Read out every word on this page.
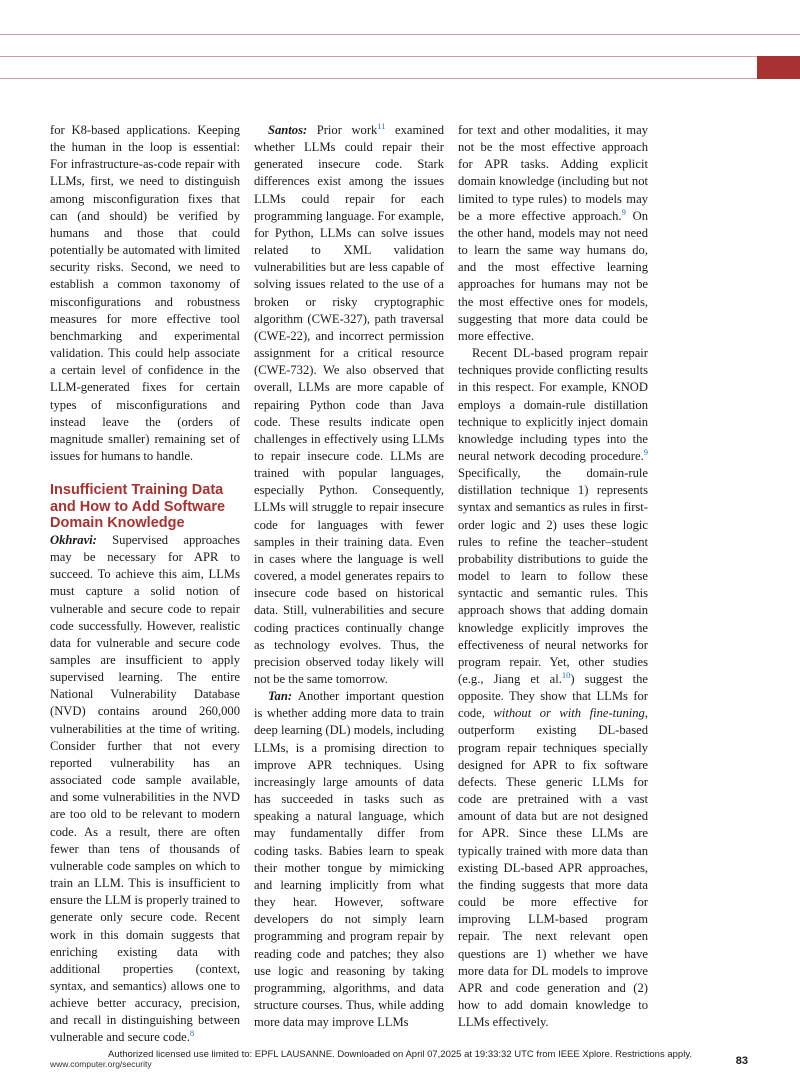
for K8-based applications. Keeping the human in the loop is essential: For infrastructure-as-code repair with LLMs, first, we need to distinguish among misconfiguration fixes that can (and should) be verified by humans and those that could potentially be automated with limited security risks. Second, we need to establish a common taxonomy of misconfigurations and robustness measures for more effective tool benchmarking and experimental validation. This could help associate a certain level of confidence in the LLM-generated fixes for certain types of misconfigurations and instead leave the (orders of magnitude smaller) remaining set of issues for humans to handle.

Insufficient Training Data and How to Add Software Domain Knowledge

Okhravi: Supervised approaches may be necessary for APR to succeed. To achieve this aim, LLMs must capture a solid notion of vulnerable and secure code to repair code successfully. However, realistic data for vulnerable and secure code samples are insufficient to apply supervised learning. The entire National Vulnerability Database (NVD) contains around 260,000 vulnerabilities at the time of writing. Consider further that not every reported vulnerability has an associated code sample available, and some vulnerabilities in the NVD are too old to be relevant to modern code. As a result, there are often fewer than tens of thousands of vulnerable code samples on which to train an LLM. This is insufficient to ensure the LLM is properly trained to generate only secure code. Recent work in this domain suggests that enriching existing data with additional properties (context, syntax, and semantics) allows one to achieve better accuracy, precision, and recall in distinguishing between vulnerable and secure code.$^8$

Santos: Prior work$^{11}$ examined whether LLMs could repair their generated insecure code. Stark differences exist among the issues LLMs could repair for each programming language. For example, for Python, LLMs can solve issues related to XML validation vulnerabilities but are less capable of solving issues related to the use of a broken or risky cryptographic algorithm (CWE-327), path traversal (CWE-22), and incorrect permission assignment for a critical resource (CWE-732). We also observed that overall, LLMs are more capable of repairing Python code than Java code. These results indicate open challenges in effectively using LLMs to repair insecure code. LLMs are trained with popular languages, especially Python. Consequently, LLMs will struggle to repair insecure code for languages with fewer samples in their training data. Even in cases where the language is well covered, a model generates repairs to insecure code based on historical data. Still, vulnerabilities and secure coding practices continually change as technology evolves. Thus, the precision observed today likely will not be the same tomorrow.

Tan: Another important question is whether adding more data to train deep learning (DL) models, including LLMs, is a promising direction to improve APR techniques. Using increasingly large amounts of data has succeeded in tasks such as speaking a natural language, which may fundamentally differ from coding tasks. Babies learn to speak their mother tongue by mimicking and learning implicitly from what they hear. However, software developers do not simply learn programming and program repair by reading code and patches; they also use logic and reasoning by taking programming, algorithms, and data structure courses. Thus, while adding more data may improve LLMs

for text and other modalities, it may not be the most effective approach for APR tasks. Adding explicit domain knowledge (including but not limited to type rules) to models may be a more effective approach.$^9$ On the other hand, models may not need to learn the same way humans do, and the most effective learning approaches for humans may not be the most effective ones for models, suggesting that more data could be more effective.

Recent DL-based program repair techniques provide conflicting results in this respect. For example, KNOD employs a domain-rule distillation technique to explicitly inject domain knowledge including types into the neural network decoding procedure.$^9$ Specifically, the domain-rule distillation technique 1) represents syntax and semantics as rules in first-order logic and 2) uses these logic rules to refine the teacher–student probability distributions to guide the model to learn to follow these syntactic and semantic rules. This approach shows that adding domain knowledge explicitly improves the effectiveness of neural networks for program repair. Yet, other studies (e.g., Jiang et al.$^{10}$) suggest the opposite. They show that LLMs for code, without or with fine-tuning, outperform existing DL-based program repair techniques specially designed for APR to fix software defects. These generic LLMs for code are pretrained with a vast amount of data but are not designed for APR. Since these LLMs are typically trained with more data than existing DL-based APR approaches, the finding suggests that more data could be more effective for improving LLM-based program repair. The next relevant open questions are 1) whether we have more data for DL models to improve APR and code generation and (2) how to add domain knowledge to LLMs effectively.

Authorized licensed use limited to: EPFL LAUSANNE. Downloaded on April 07,2025 at 19:33:32 UTC from IEEE Xplore. Restrictions apply.
www.computer.org/security	83
